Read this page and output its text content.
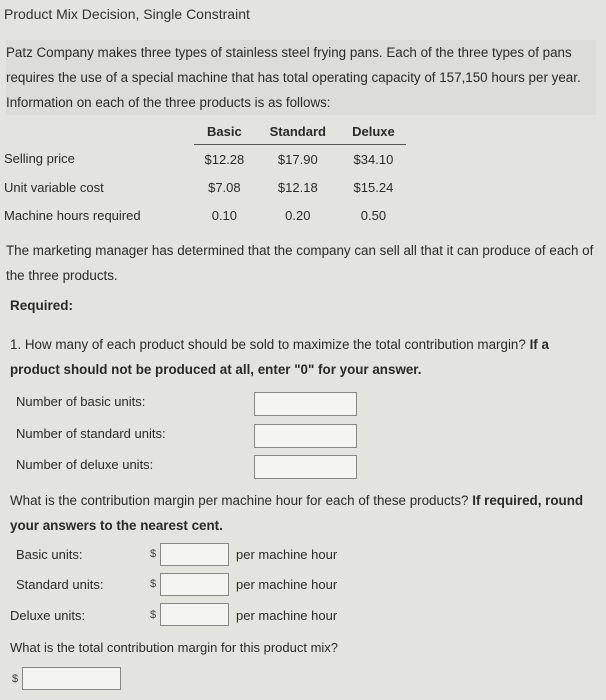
Product Mix Decision, Single Constraint

Patz Company makes three types of stainless steel frying pans. Each of the three types of pans requires the use of a special machine that has total operating capacity of 157,150 hours per year. Information on each of the three products is as follows:

	Basic	Standard	Deluxe
Selling price	$12.28	$17.90	$34.10
Unit variable cost	$7.08	$12.18	$15.24
Machine hours required	0.10	0.20	0.50
The marketing manager has determined that the company can sell all that it can produce of each of the three products.
Required:
1. How many of each product should be sold to maximize the total contribution margin? If a product should not be produced at all, enter "0" for your answer.
Number of basic units:
Number of standard units:
Number of deluxe units:
What is the contribution margin per machine hour for each of these products? If required, round your answers to the nearest cent.
Basic units:	$	per machine hour
Standard units:	$	per machine hour
Deluxe units:	$	per machine hour
What is the total contribution margin for this product mix?
$
